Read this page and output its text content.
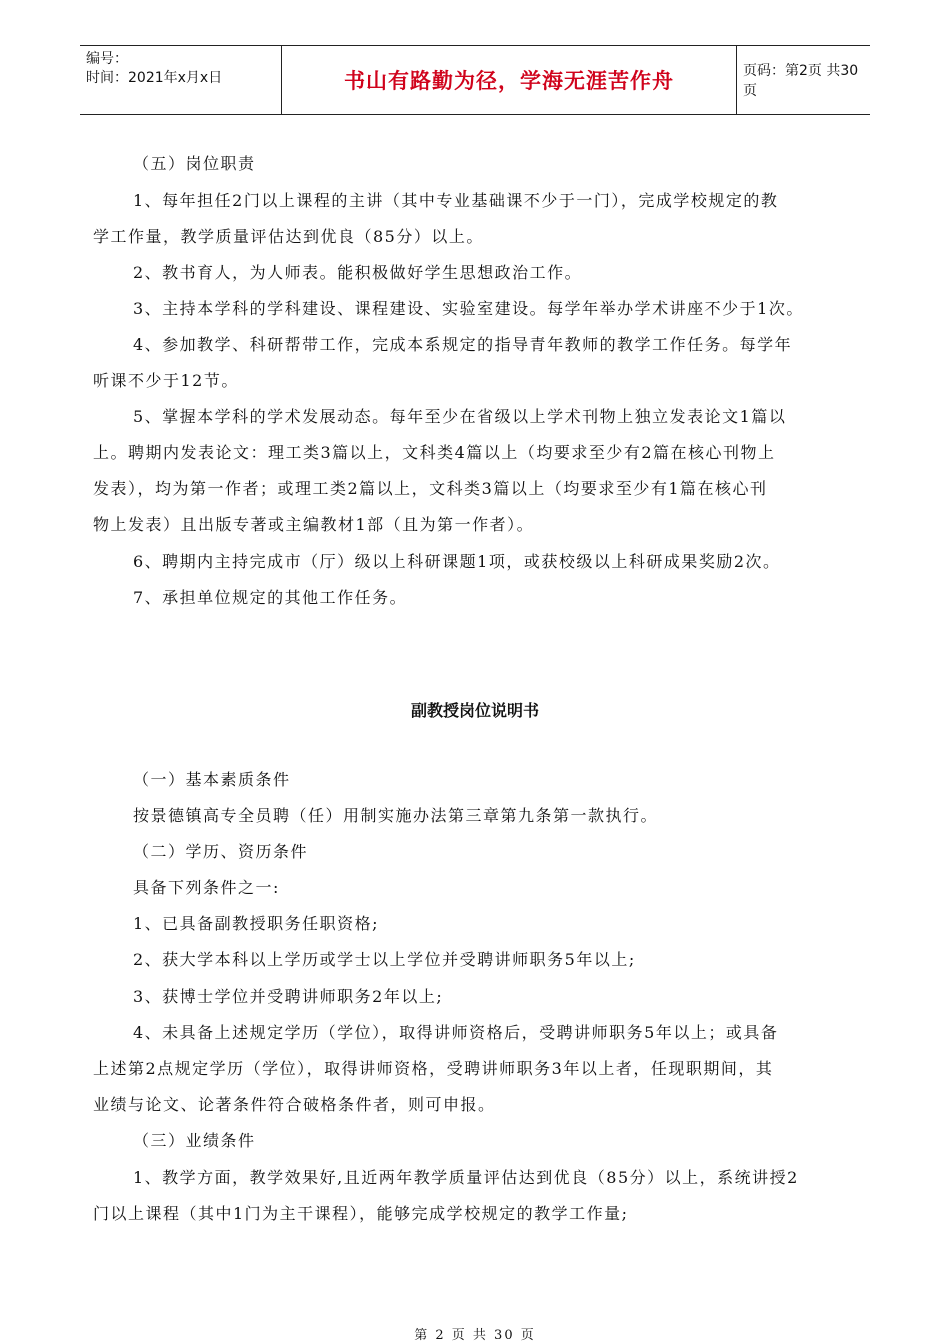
编号：
时间：2021年x月x日	书山有路勤为径，学海无涯苦作舟	页码：第2页 共30页
（五）岗位职责
1、每年担任2门以上课程的主讲（其中专业基础课不少于一门），完成学校规定的教
学工作量，教学质量评估达到优良（85分）以上。
2、教书育人，为人师表。能积极做好学生思想政治工作。
3、主持本学科的学科建设、课程建设、实验室建设。每学年举办学术讲座不少于1次。
4、参加教学、科研帮带工作，完成本系规定的指导青年教师的教学工作任务。每学年
听课不少于12节。
5、掌握本学科的学术发展动态。每年至少在省级以上学术刊物上独立发表论文1篇以
上。聘期内发表论文：理工类3篇以上，文科类4篇以上（均要求至少有2篇在核心刊物上
发表），均为第一作者；或理工类2篇以上，文科类3篇以上（均要求至少有1篇在核心刊
物上发表）且出版专著或主编教材1部（且为第一作者）。
6、聘期内主持完成市（厅）级以上科研课题1项，或获校级以上科研成果奖励2次。
7、承担单位规定的其他工作任务。
副教授岗位说明书
（一）基本素质条件
按景德镇高专全员聘（任）用制实施办法第三章第九条第一款执行。
（二）学历、资历条件
具备下列条件之一:
1、已具备副教授职务任职资格;
2、获大学本科以上学历或学士以上学位并受聘讲师职务5年以上;
3、获博士学位并受聘讲师职务2年以上;
4、未具备上述规定学历（学位），取得讲师资格后，受聘讲师职务5年以上；或具备
上述第2点规定学历（学位），取得讲师资格，受聘讲师职务3年以上者，任现职期间，其
业绩与论文、论著条件符合破格条件者，则可申报。
（三）业绩条件
1、教学方面，教学效果好,且近两年教学质量评估达到优良（85分）以上，系统讲授2
门以上课程（其中1门为主干课程），能够完成学校规定的教学工作量;
第 2 页 共 30 页
